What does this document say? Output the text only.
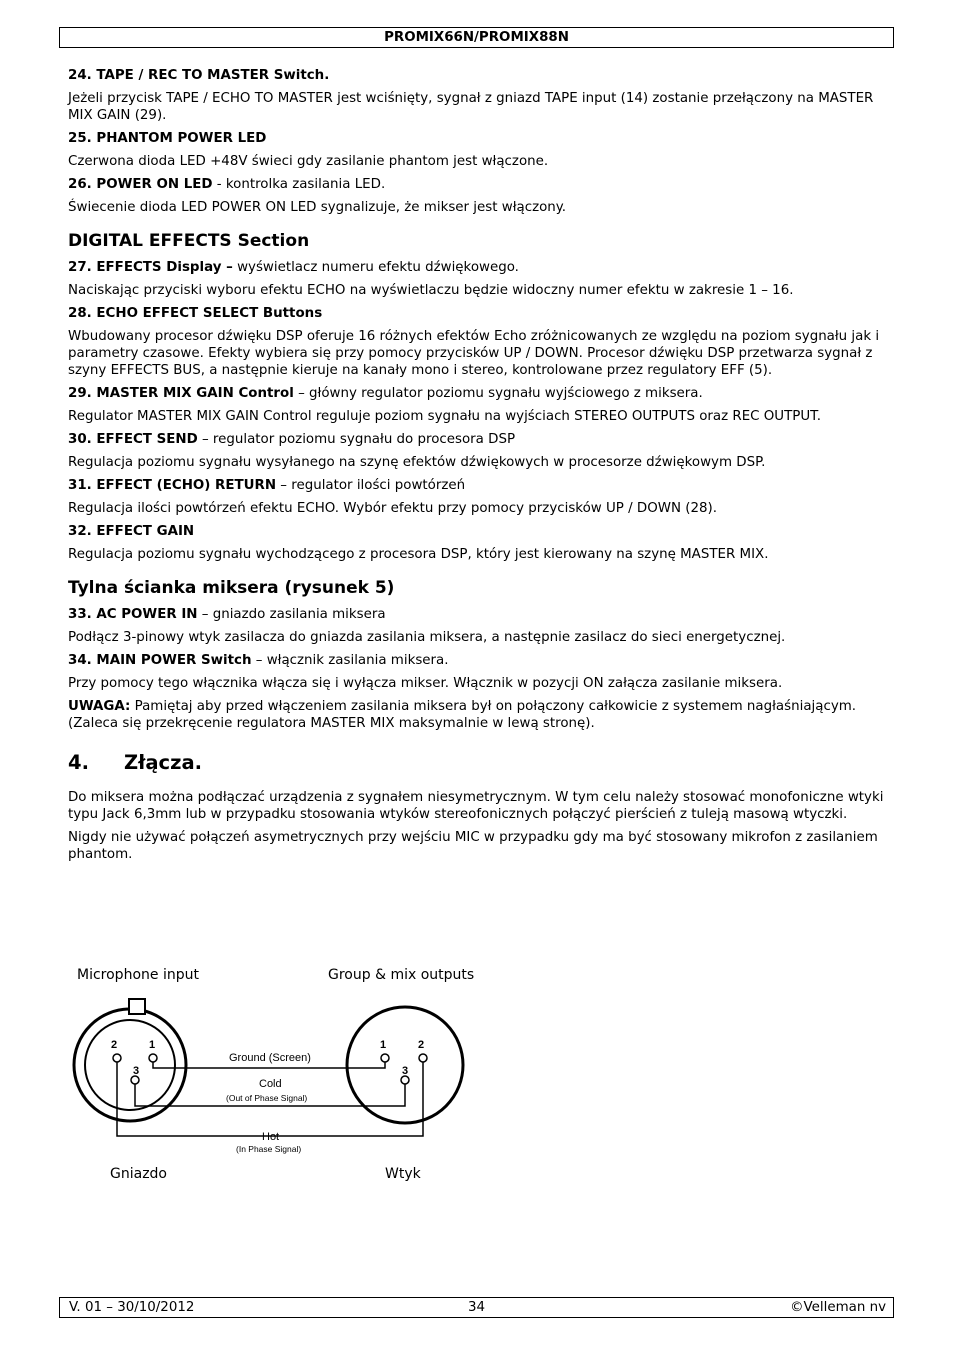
PROMIX66N/PROMIX88N

24. TAPE / REC TO MASTER Switch.

Jeżeli przycisk TAPE / ECHO TO MASTER jest wciśnięty, sygnał z gniazd TAPE input (14) zostanie przełączony na MASTER MIX GAIN (29).

25. PHANTOM POWER LED

Czerwona dioda LED +48V świeci gdy zasilanie phantom jest włączone.

26. POWER ON LED - kontrolka zasilania LED.

Świecenie dioda LED POWER ON LED sygnalizuje, że mikser jest włączony.

DIGITAL EFFECTS Section

27. EFFECTS Display – wyświetlacz numeru efektu dźwiękowego.

Naciskając przyciski wyboru efektu ECHO na wyświetlaczu będzie widoczny numer efektu w zakresie 1 – 16.

28. ECHO EFFECT SELECT Buttons

Wbudowany procesor dźwięku DSP oferuje 16 różnych efektów Echo zróżnicowanych ze względu na poziom sygnału jak i parametry czasowe. Efekty wybiera się przy pomocy przycisków UP / DOWN. Procesor dźwięku DSP przetwarza sygnał z szyny EFFECTS BUS, a następnie kieruje na kanały mono i stereo, kontrolowane przez regulatory EFF (5).

29. MASTER MIX GAIN Control – główny regulator poziomu sygnału wyjściowego z miksera.

Regulator MASTER MIX GAIN Control reguluje poziom sygnału na wyjściach STEREO OUTPUTS oraz REC OUTPUT.

30. EFFECT SEND – regulator poziomu sygnału do procesora DSP

Regulacja poziomu sygnału wysyłanego na szynę efektów dźwiękowych w procesorze dźwiękowym DSP.

31. EFFECT (ECHO) RETURN – regulator ilości powtórzeń

Regulacja ilości powtórzeń efektu ECHO. Wybór efektu przy pomocy przycisków UP / DOWN (28).

32. EFFECT GAIN

Regulacja poziomu sygnału wychodzącego z procesora DSP, który jest kierowany na szynę MASTER MIX.

Tylna ścianka miksera (rysunek 5)

33. AC POWER IN – gniazdo zasilania miksera

Podłącz 3-pinowy wtyk zasilacza do gniazda zasilania miksera, a następnie zasilacz do sieci energetycznej.

34. MAIN POWER Switch – włącznik zasilania miksera.

Przy pomocy tego włącznika włącza się i wyłącza mikser. Włącznik w pozycji ON załącza zasilanie miksera.

UWAGA: Pamiętaj aby przed włączeniem zasilania miksera był on połączony całkowicie z systemem nagłaśniającym. (Zaleca się przekręcenie regulatora MASTER MIX maksymalnie w lewą stronę).

4.	Złącza.

Do miksera można podłączać urządzenia z sygnałem niesymetrycznym. W tym celu należy stosować monofoniczne wtyki typu Jack 6,3mm lub w przypadku stosowania wtyków stereofonicznych połączyć pierścień z tuleją masową wtyczki.

Nigdy nie używać połączeń asymetrycznych przy wejściu MIC w przypadku gdy ma być stosowany mikrofon z zasilaniem phantom.

Microphone input	Group & mix outputs
2	1
3
1	2
3
Ground (Screen)
Cold
(Out of Phase Signal)
Hot
(In Phase Signal)
Gniazdo	Wtyk
V. 01 – 30/10/2012	34	©Velleman nv
